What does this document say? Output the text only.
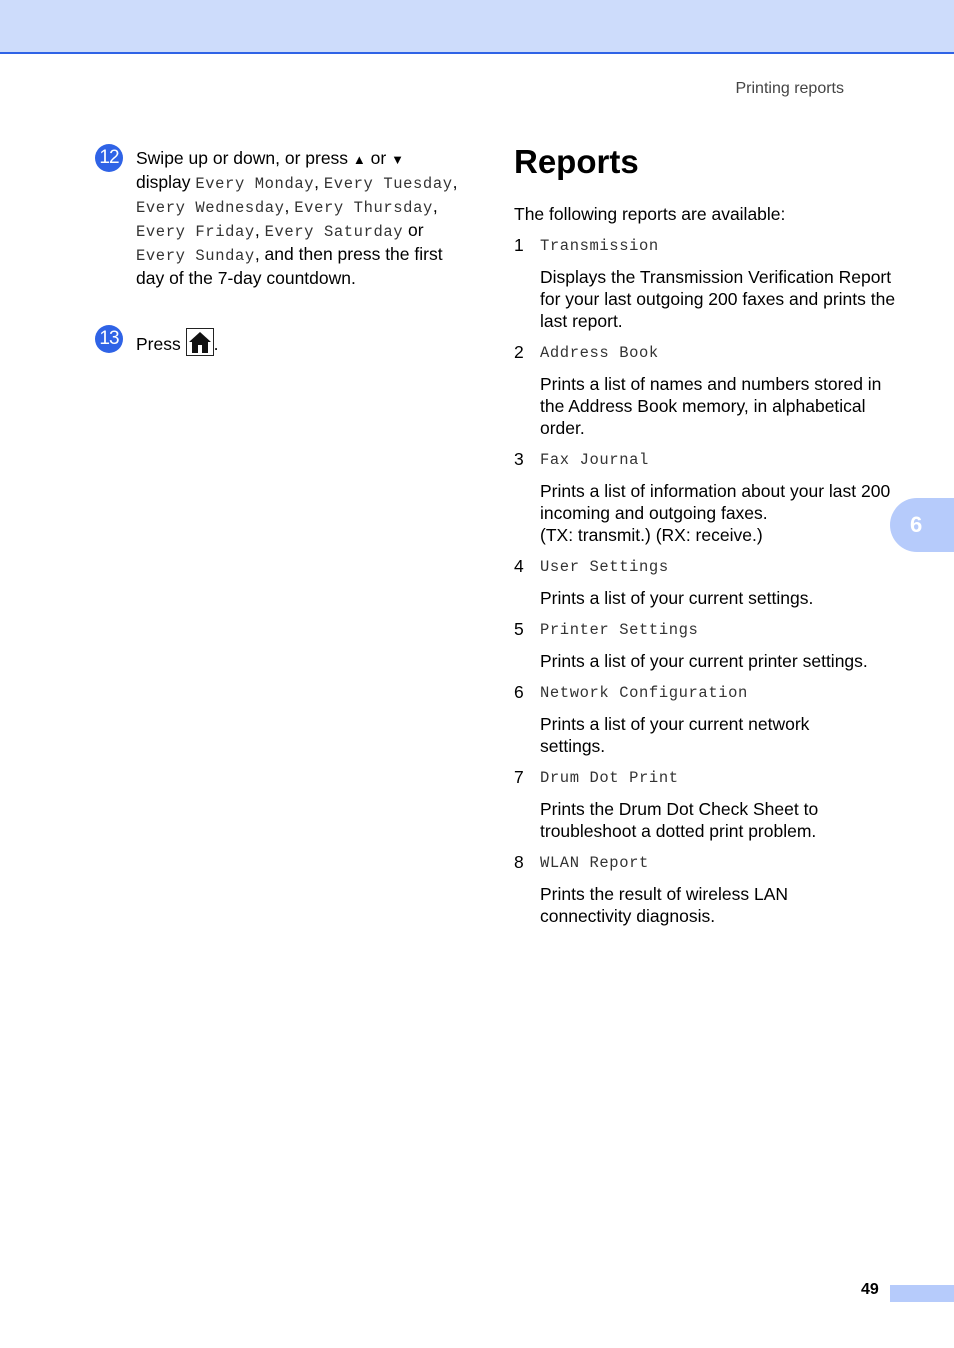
Printing reports
12 Swipe up or down, or press ▲ or ▼
display Every Monday, Every Tuesday, Every Wednesday, Every Thursday, Every Friday, Every Saturday or Every Sunday, and then press the first day of the 7-day countdown.
13 Press
.
Reports
The following reports are available:
1 Transmission
Displays the Transmission Verification Report for your last outgoing 200 faxes and prints the last report.
2 Address Book
Prints a list of names and numbers stored in the Address Book memory, in alphabetical order.
3 Fax Journal
Prints a list of information about your last 200 incoming and outgoing faxes.
(TX: transmit.) (RX: receive.)
4 User Settings
Prints a list of your current settings.
5 Printer Settings
Prints a list of your current printer settings.
6 Network Configuration
Prints a list of your current network settings.
7 Drum Dot Print
Prints the Drum Dot Check Sheet to troubleshoot a dotted print problem.
8 WLAN Report
Prints the result of wireless LAN connectivity diagnosis.
6
49
